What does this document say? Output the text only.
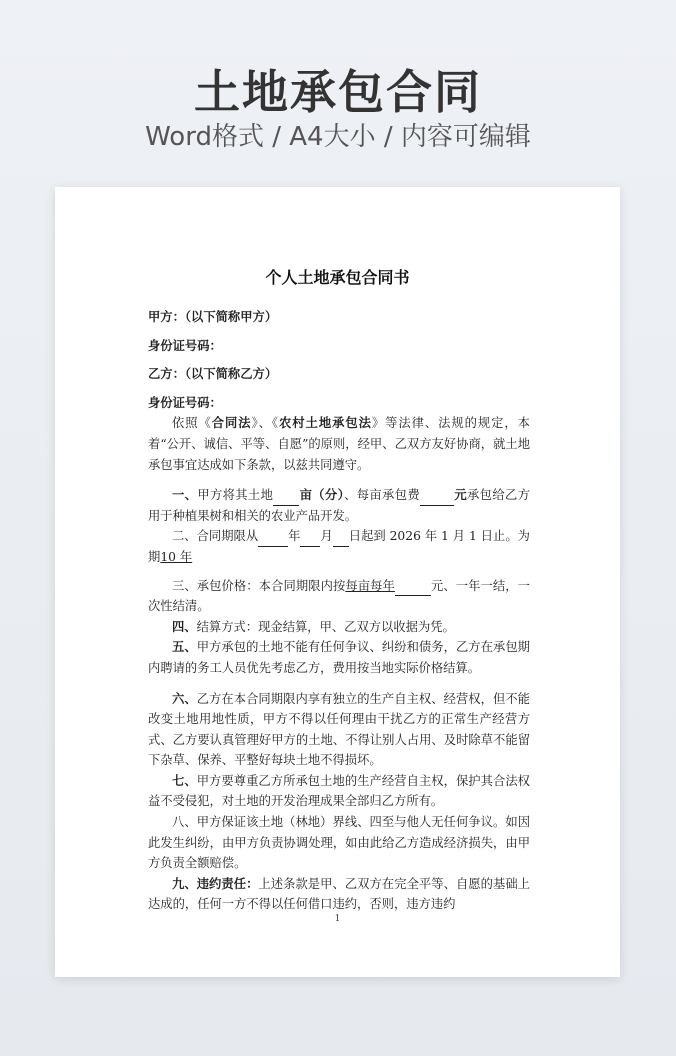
土地承包合同
Word格式 / A4大小 / 内容可编辑
个人土地承包合同书
甲方：（以下简称甲方）
身份证号码：
乙方：（以下简称乙方）
身份证号码：
依照《合同法》、《农村土地承包法》等法律、法规的规定，本着“公开、诚信、平等、自愿”的原则，经甲、乙双方友好协商，就土地承包事宜达成如下条款，以兹共同遵守。
一、甲方将其土地 亩（分）、每亩承包费	元承包给乙方用于种植果树和相关的农业产品开发。
二、合同期限从 年 月 日起到 2026 年 1 月 1 日止。为期10 年
三、承包价格：本合同期限内按每亩每年	元、一年一结，一次性结清。
四、结算方式：现金结算，甲、乙双方以收据为凭。
五、甲方承包的土地不能有任何争议、纠纷和债务，乙方在承包期内聘请的务工人员优先考虑乙方，费用按当地实际价格结算。
六、乙方在本合同期限内享有独立的生产自主权、经营权，但不能改变土地用地性质，甲方不得以任何理由干扰乙方的正常生产经营方式、乙方要认真管理好甲方的土地、不得让别人占用、及时除草不能留下杂草、保养、平整好每块土地不得损坏。
七、甲方要尊重乙方所承包土地的生产经营自主权，保护其合法权益不受侵犯，对土地的开发治理成果全部归乙方所有。
八、甲方保证该土地（林地）界线、四至与他人无任何争议。如因此发生纠纷，由甲方负责协调处理，如由此给乙方造成经济损失，由甲方负责全额赔偿。
九、违约责任：上述条款是甲、乙双方在完全平等、自愿的基础上达成的，任何一方不得以任何借口违约，否则，违方违约
1
